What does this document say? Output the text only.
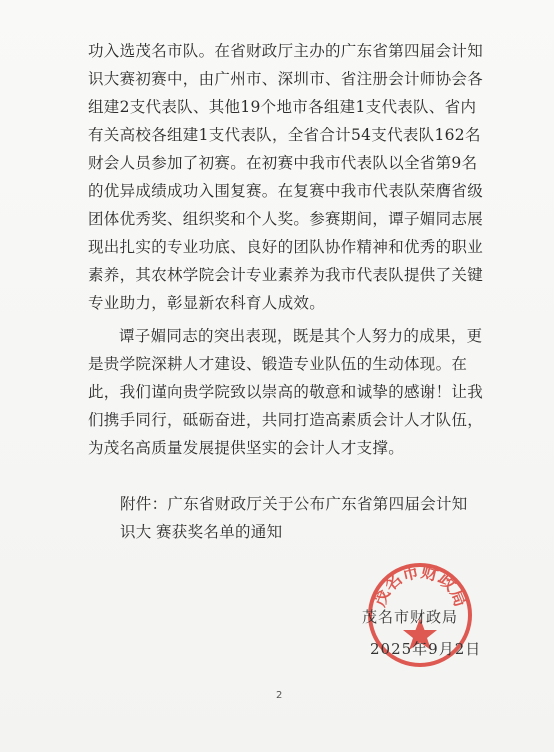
功入选茂名市队。在省财政厅主办的广东省第四届会计知识大赛初赛中，由广州市、深圳市、省注册会计师协会各组建2支代表队、其他19个地市各组建1支代表队、省内有关高校各组建1支代表队，全省合计54支代表队162名财会人员参加了初赛。在初赛中我市代表队以全省第9名的优异成绩成功入围复赛。在复赛中我市代表队荣膺省级团体优秀奖、组织奖和个人奖。参赛期间，谭子媚同志展现出扎实的专业功底、良好的团队协作精神和优秀的职业素养，其农林学院会计专业素养为我市代表队提供了关键专业助力，彰显新农科育人成效。

谭子媚同志的突出表现，既是其个人努力的成果，更是贵学院深耕人才建设、锻造专业队伍的生动体现。在此，我们谨向贵学院致以崇高的敬意和诚挚的感谢！让我们携手同行，砥砺奋进，共同打造高素质会计人才队伍，为茂名高质量发展提供坚实的会计人才支撑。

附件：广东省财政厅关于公布广东省第四届会计知识大 赛获奖名单的通知

茂名市财政局
茂名市财政局
2025年9月2日
2
